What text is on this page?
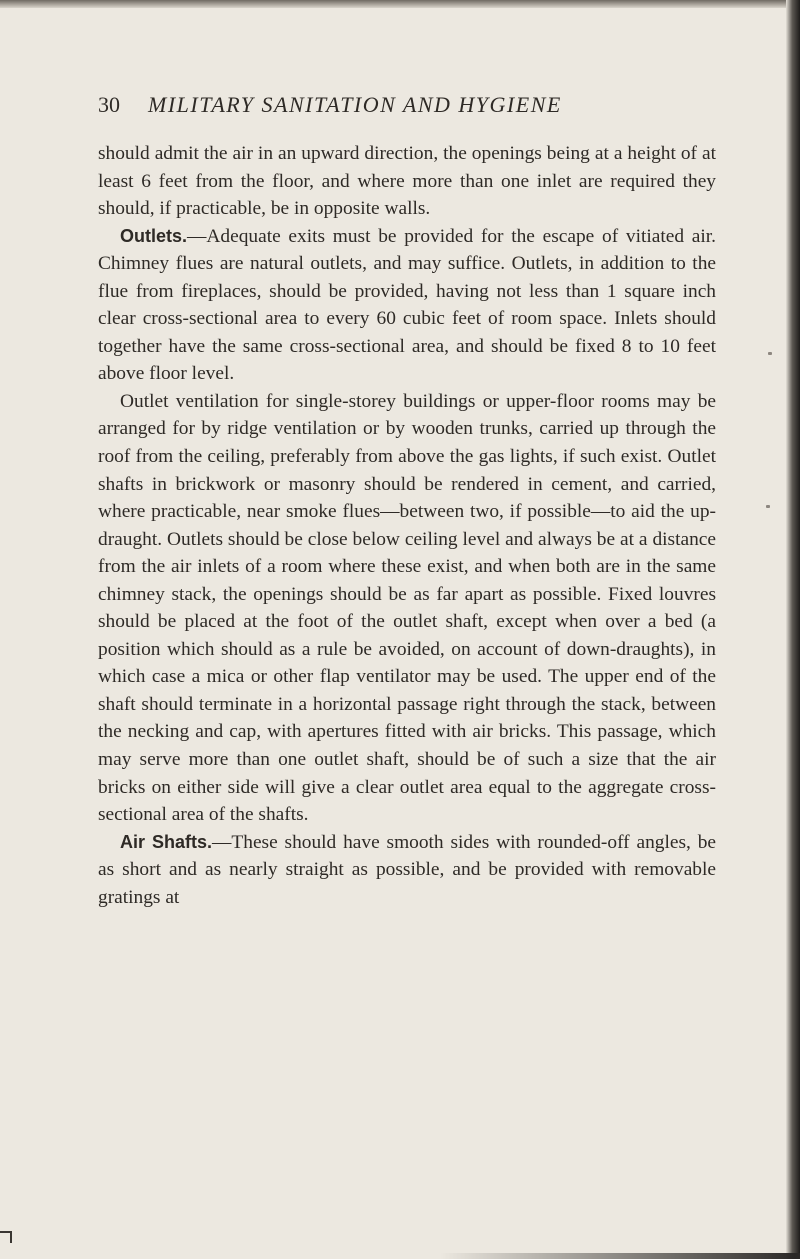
30 MILITARY SANITATION AND HYGIENE

should admit the air in an upward direction, the openings being at a height of at least 6 feet from the floor, and where more than one inlet are required they should, if practicable, be in opposite walls.

Outlets.—Adequate exits must be provided for the escape of vitiated air. Chimney flues are natural outlets, and may suffice. Outlets, in addition to the flue from fireplaces, should be provided, having not less than 1 square inch clear cross-sectional area to every 60 cubic feet of room space. Inlets should together have the same cross-sectional area, and should be fixed 8 to 10 feet above floor level.

Outlet ventilation for single-storey buildings or upper-floor rooms may be arranged for by ridge ventilation or by wooden trunks, carried up through the roof from the ceiling, preferably from above the gas lights, if such exist. Outlet shafts in brickwork or masonry should be rendered in cement, and carried, where practicable, near smoke flues—between two, if possible—to aid the up-draught. Outlets should be close below ceiling level and always be at a distance from the air inlets of a room where these exist, and when both are in the same chimney stack, the openings should be as far apart as possible. Fixed louvres should be placed at the foot of the outlet shaft, except when over a bed (a position which should as a rule be avoided, on account of down-draughts), in which case a mica or other flap ventilator may be used. The upper end of the shaft should terminate in a horizontal passage right through the stack, between the necking and cap, with apertures fitted with air bricks. This passage, which may serve more than one outlet shaft, should be of such a size that the air bricks on either side will give a clear outlet area equal to the aggregate cross-sectional area of the shafts.

Air Shafts.—These should have smooth sides with rounded-off angles, be as short and as nearly straight as possible, and be provided with removable gratings at
